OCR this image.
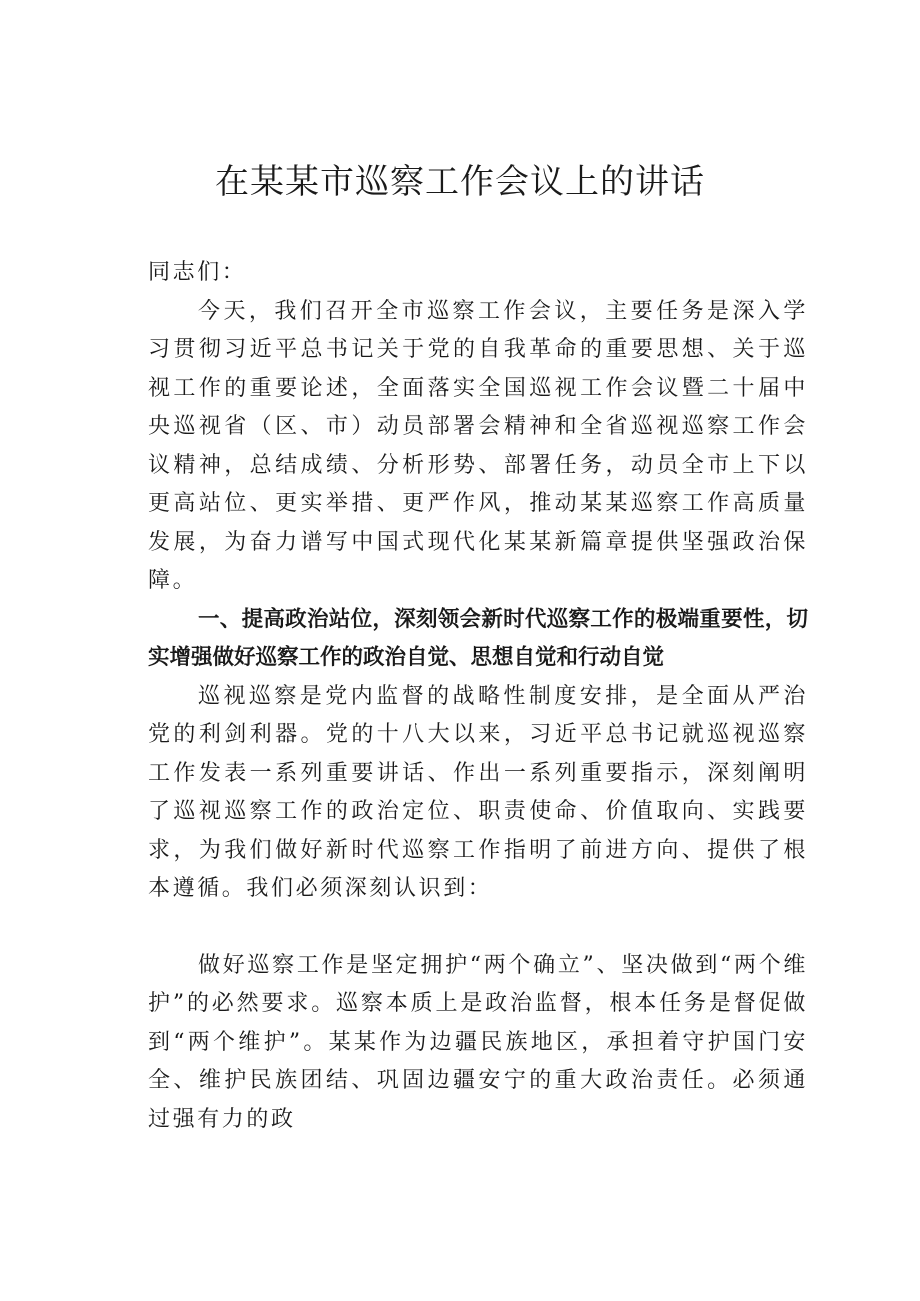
在某某市巡察工作会议上的讲话

同志们：

今天，我们召开全市巡察工作会议，主要任务是深入学习贯彻习近平总书记关于党的自我革命的重要思想、关于巡视工作的重要论述，全面落实全国巡视工作会议暨二十届中央巡视省（区、市）动员部署会精神和全省巡视巡察工作会议精神，总结成绩、分析形势、部署任务，动员全市上下以更高站位、更实举措、更严作风，推动某某巡察工作高质量发展，为奋力谱写中国式现代化某某新篇章提供坚强政治保障。

一、提高政治站位，深刻领会新时代巡察工作的极端重要性，切实增强做好巡察工作的政治自觉、思想自觉和行动自觉

巡视巡察是党内监督的战略性制度安排，是全面从严治党的利剑利器。党的十八大以来，习近平总书记就巡视巡察工作发表一系列重要讲话、作出一系列重要指示，深刻阐明了巡视巡察工作的政治定位、职责使命、价值取向、实践要求，为我们做好新时代巡察工作指明了前进方向、提供了根本遵循。我们必须深刻认识到：

做好巡察工作是坚定拥护“两个确立”、坚决做到“两个维护”的必然要求。巡察本质上是政治监督，根本任务是督促做到“两个维护”。某某作为边疆民族地区，承担着守护国门安全、维护民族团结、巩固边疆安宁的重大政治责任。必须通过强有力的政
